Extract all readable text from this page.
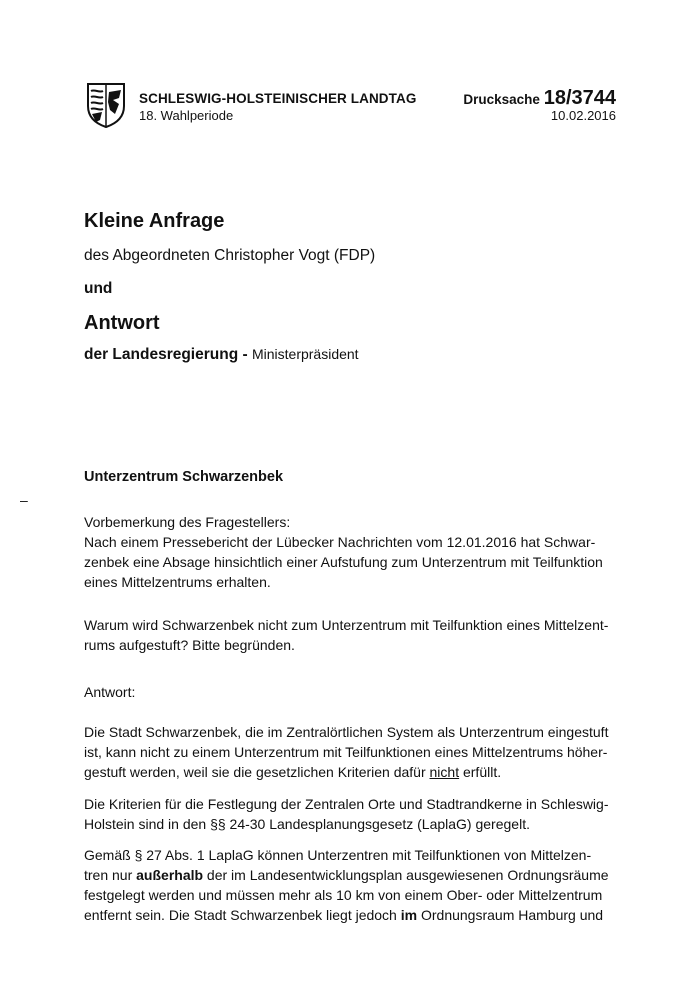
SCHLESWIG-HOLSTEINISCHER LANDTAG
18. Wahlperiode
Drucksache 18/3744
10.02.2016
Kleine Anfrage
des Abgeordneten Christopher Vogt (FDP)
und
Antwort
der Landesregierung - Ministerpräsident
Unterzentrum Schwarzenbek
–
Vorbemerkung des Fragestellers:
Nach einem Pressebericht der Lübecker Nachrichten vom 12.01.2016 hat Schwar-
zenbek eine Absage hinsichtlich einer Aufstufung zum Unterzentrum mit Teilfunktion
eines Mittelzentrums erhalten.
Warum wird Schwarzenbek nicht zum Unterzentrum mit Teilfunktion eines Mittelzent-
rums aufgestuft? Bitte begründen.
Antwort:
Die Stadt Schwarzenbek, die im Zentralörtlichen System als Unterzentrum eingestuft
ist, kann nicht zu einem Unterzentrum mit Teilfunktionen eines Mittelzentrums höher-
gestuft werden, weil sie die gesetzlichen Kriterien dafür nicht erfüllt.
Die Kriterien für die Festlegung der Zentralen Orte und Stadtrandkerne in Schleswig-
Holstein sind in den §§ 24-30 Landesplanungsgesetz (LaplaG) geregelt.
Gemäß § 27 Abs. 1 LaplaG können Unterzentren mit Teilfunktionen von Mittelzen-
tren nur außerhalb der im Landesentwicklungsplan ausgewiesenen Ordnungsräume
festgelegt werden und müssen mehr als 10 km von einem Ober- oder Mittelzentrum
entfernt sein. Die Stadt Schwarzenbek liegt jedoch im Ordnungsraum Hamburg und
